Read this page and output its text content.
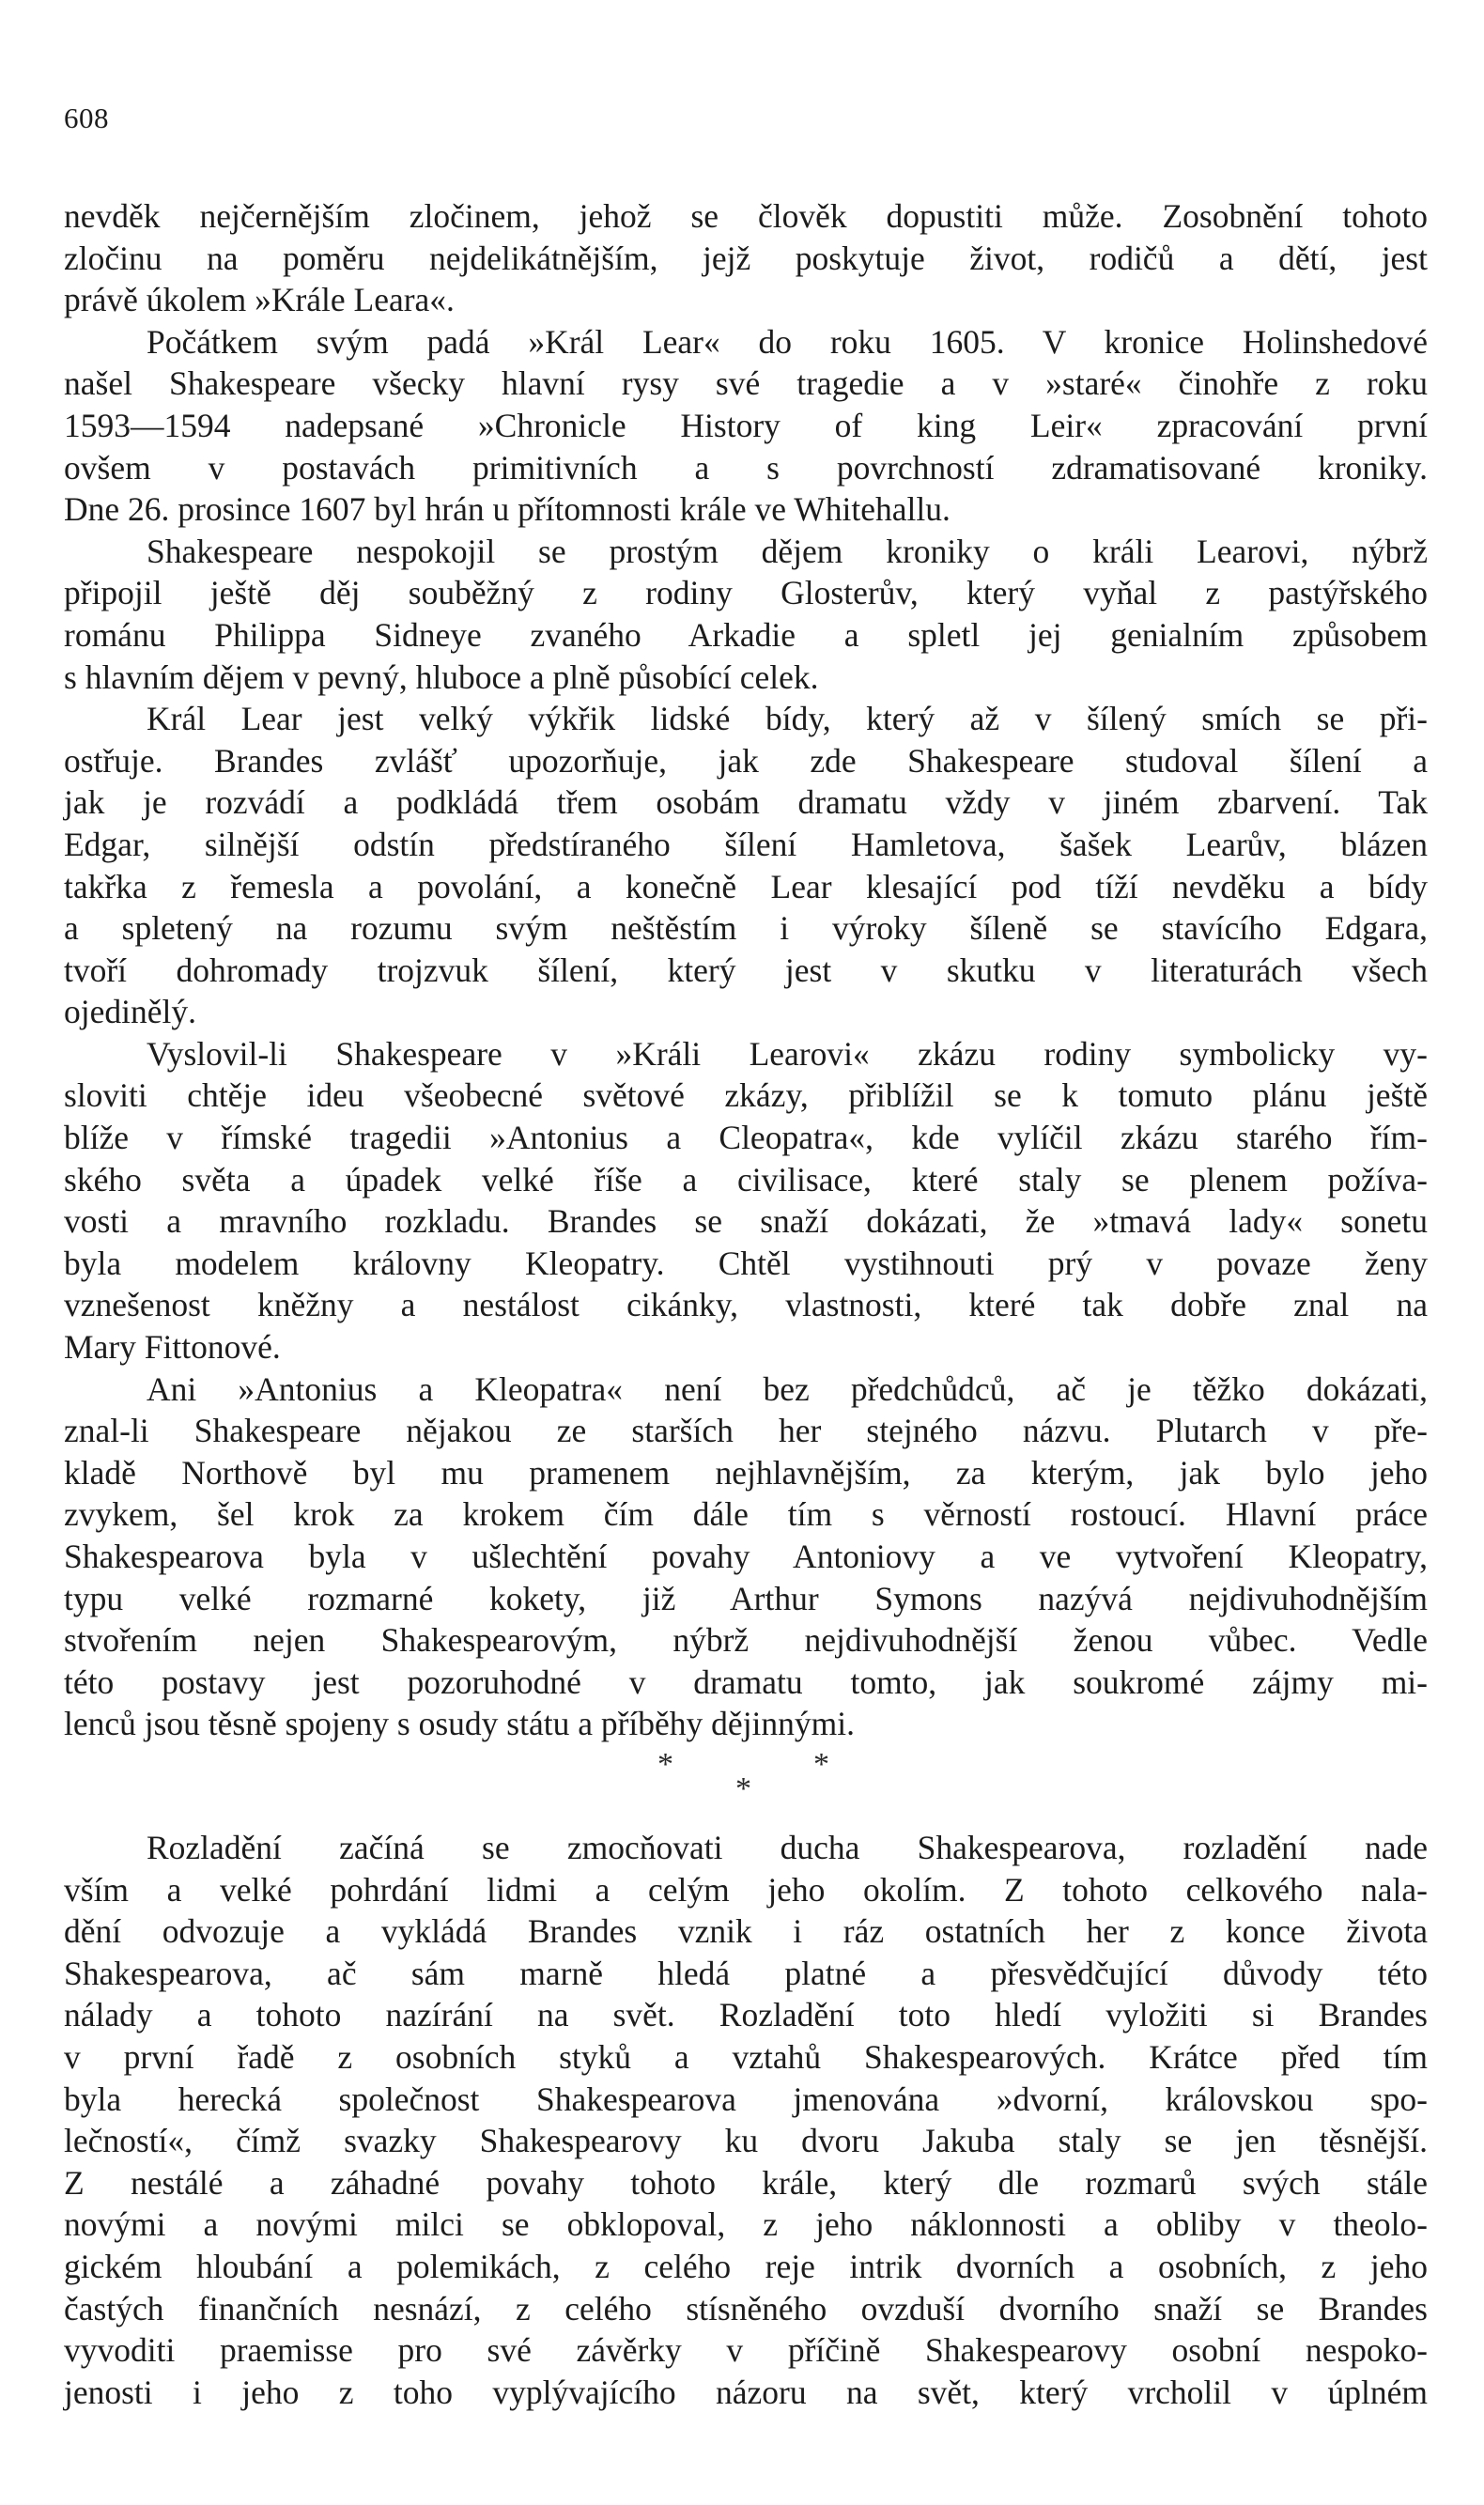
608
nevděk nejčernějším zločinem, jehož se člověk dopustiti může. Zosobnění tohoto
zločinu na poměru nejdelikátnějším, jejž poskytuje život, rodičů a dětí, jest
právě úkolem »Krále Leara«.
Počátkem svým padá »Král Lear« do roku 1605. V kronice Holinshedové
našel Shakespeare všecky hlavní rysy své tragedie a v »staré« činohře z roku
1593—1594 nadepsané »Chronicle History of king Leir« zpracování první
ovšem v postavách primitivních a s povrchností zdramatisované kroniky.
Dne 26. prosince 1607 byl hrán u přítomnosti krále ve Whitehallu.
Shakespeare nespokojil se prostým dějem kroniky o králi Learovi, nýbrž
připojil ještě děj souběžný z rodiny Glosterův, který vyňal z pastýřského
románu Philippa Sidneye zvaného Arkadie a spletl jej genialním způsobem
s hlavním dějem v pevný, hluboce a plně působící celek.
Král Lear jest velký výkřik lidské bídy, který až v šílený smích se při-
ostřuje. Brandes zvlášť upozorňuje, jak zde Shakespeare studoval šílení a
jak je rozvádí a podkládá třem osobám dramatu vždy v jiném zbarvení. Tak
Edgar, silnější odstín předstíraného šílení Hamletova, šašek Learův, blázen
takřka z řemesla a povolání, a konečně Lear klesající pod tíží nevděku a bídy
a spletený na rozumu svým neštěstím i výroky šíleně se stavícího Edgara,
tvoří dohromady trojzvuk šílení, který jest v skutku v literaturách všech
ojedinělý.
Vyslovil-li Shakespeare v »Králi Learovi« zkázu rodiny symbolicky vy-
sloviti chtěje ideu všeobecné světové zkázy, přiblížil se k tomuto plánu ještě
blíže v římské tragedii »Antonius a Cleopatra«, kde vylíčil zkázu starého řím-
ského světa a úpadek velké říše a civilisace, které staly se plenem požíva-
vosti a mravního rozkladu. Brandes se snaží dokázati, že »tmavá lady« sonetu
byla modelem královny Kleopatry. Chtěl vystihnouti prý v povaze ženy
vznešenost kněžny a nestálost cikánky, vlastnosti, které tak dobře znal na
Mary Fittonové.
Ani »Antonius a Kleopatra« není bez předchůdců, ač je těžko dokázati,
znal-li Shakespeare nějakou ze starších her stejného názvu. Plutarch v pře-
kladě Northově byl mu pramenem nejhlavnějším, za kterým, jak bylo jeho
zvykem, šel krok za krokem čím dále tím s věrností rostoucí. Hlavní práce
Shakespearova byla v ušlechtění povahy Antoniovy a ve vytvoření Kleopatry,
typu velké rozmarné kokety, již Arthur Symons nazývá nejdivuhodnějším
stvořením nejen Shakespearovým, nýbrž nejdivuhodnější ženou vůbec. Vedle
této postavy jest pozoruhodné v dramatu tomto, jak soukromé zájmy mi-
lenců jsou těsně spojeny s osudy státu a příběhy dějinnými.
*	*
*
Rozladění začíná se zmocňovati ducha Shakespearova, rozladění nade
vším a velké pohrdání lidmi a celým jeho okolím. Z tohoto celkového nala-
dění odvozuje a vykládá Brandes vznik i ráz ostatních her z konce života
Shakespearova, ač sám marně hledá platné a přesvědčující důvody této
nálady a tohoto nazírání na svět. Rozladění toto hledí vyložiti si Brandes
v první řadě z osobních styků a vztahů Shakespearových. Krátce před tím
byla herecká společnost Shakespearova jmenována »dvorní, královskou spo-
lečností«, čímž svazky Shakespearovy ku dvoru Jakuba staly se jen těsnější.
Z nestálé a záhadné povahy tohoto krále, který dle rozmarů svých stále
novými a novými milci se obklopoval, z jeho náklonnosti a obliby v theolo-
gickém hloubání a polemikách, z celého reje intrik dvorních a osobních, z jeho
častých finančních nesnází, z celého stísněného ovzduší dvorního snaží se Brandes
vyvoditi praemisse pro své závěrky v příčině Shakespearovy osobní nespoko-
jenosti i jeho z toho vyplývajícího názoru na svět, který vrcholil v úplném
